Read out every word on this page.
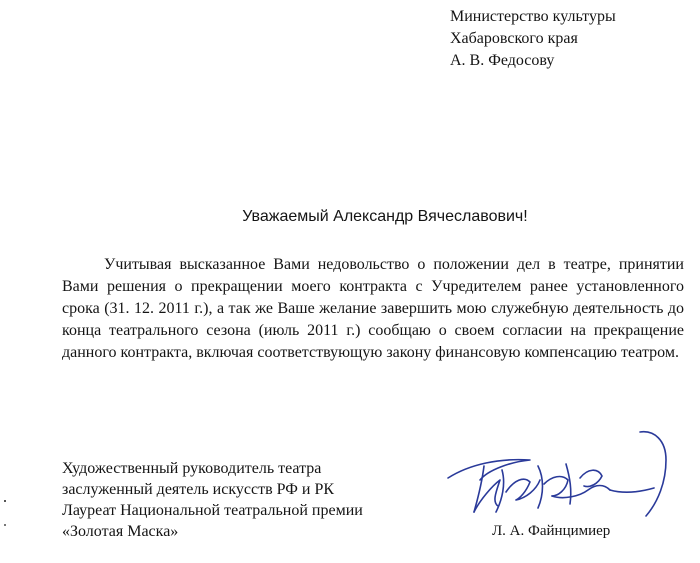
Министерство культуры
Хабаровского края
А. В. Федосову
Уважаемый Александр Вячеславович!

Учитывая высказанное Вами недовольство о положении дел в театре, принятии Вами решения о прекращении моего контракта с Учредителем ранее установленного срока (31. 12. 2011 г.), а так же Ваше желание завершить мою служебную деятельность до конца театрального сезона (июль 2011 г.) сообщаю о своем согласии на прекращение данного контракта, включая соответствующую закону финансовую компенсацию театром.

Художественный руководитель театра
заслуженный деятель искусств РФ и РК
Лауреат Национальной театральной премии
«Золотая Маска»	Л. А. Файнцимиер
